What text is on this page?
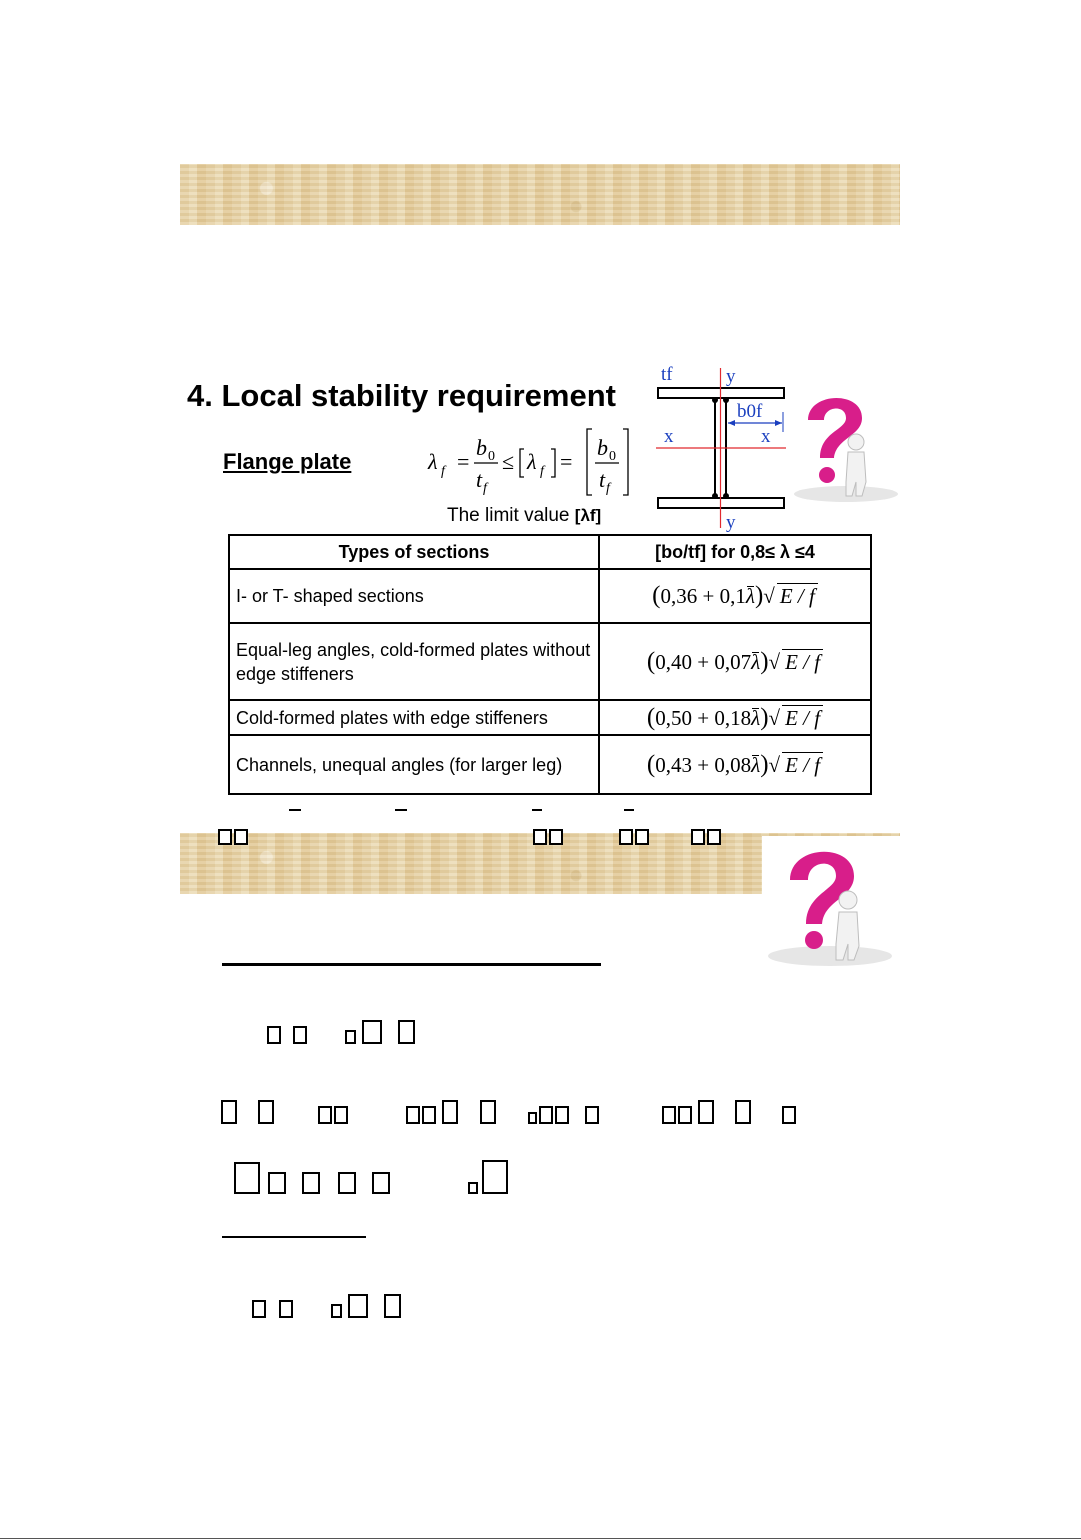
4. Local stability requirement
Flange plate	λ f =
b 0
t f
≤ λ f =
b 0
t f
The limit value [λf]
tf	y
b0f
x	x
y
Types of sections	[bo/tf] for 0,8≤ λ ≤4
I- or T- shaped sections	(0,36 + 0,1λ)√ E / f
Equal-leg angles, cold-formed plates without edge stiffeners	(0,40 + 0,07λ)√ E / f
Cold-formed plates with edge stiffeners	(0,50 + 0,18λ)√ E / f
Channels, unequal angles (for larger leg)	(0,43 + 0,08λ)√ E / f
